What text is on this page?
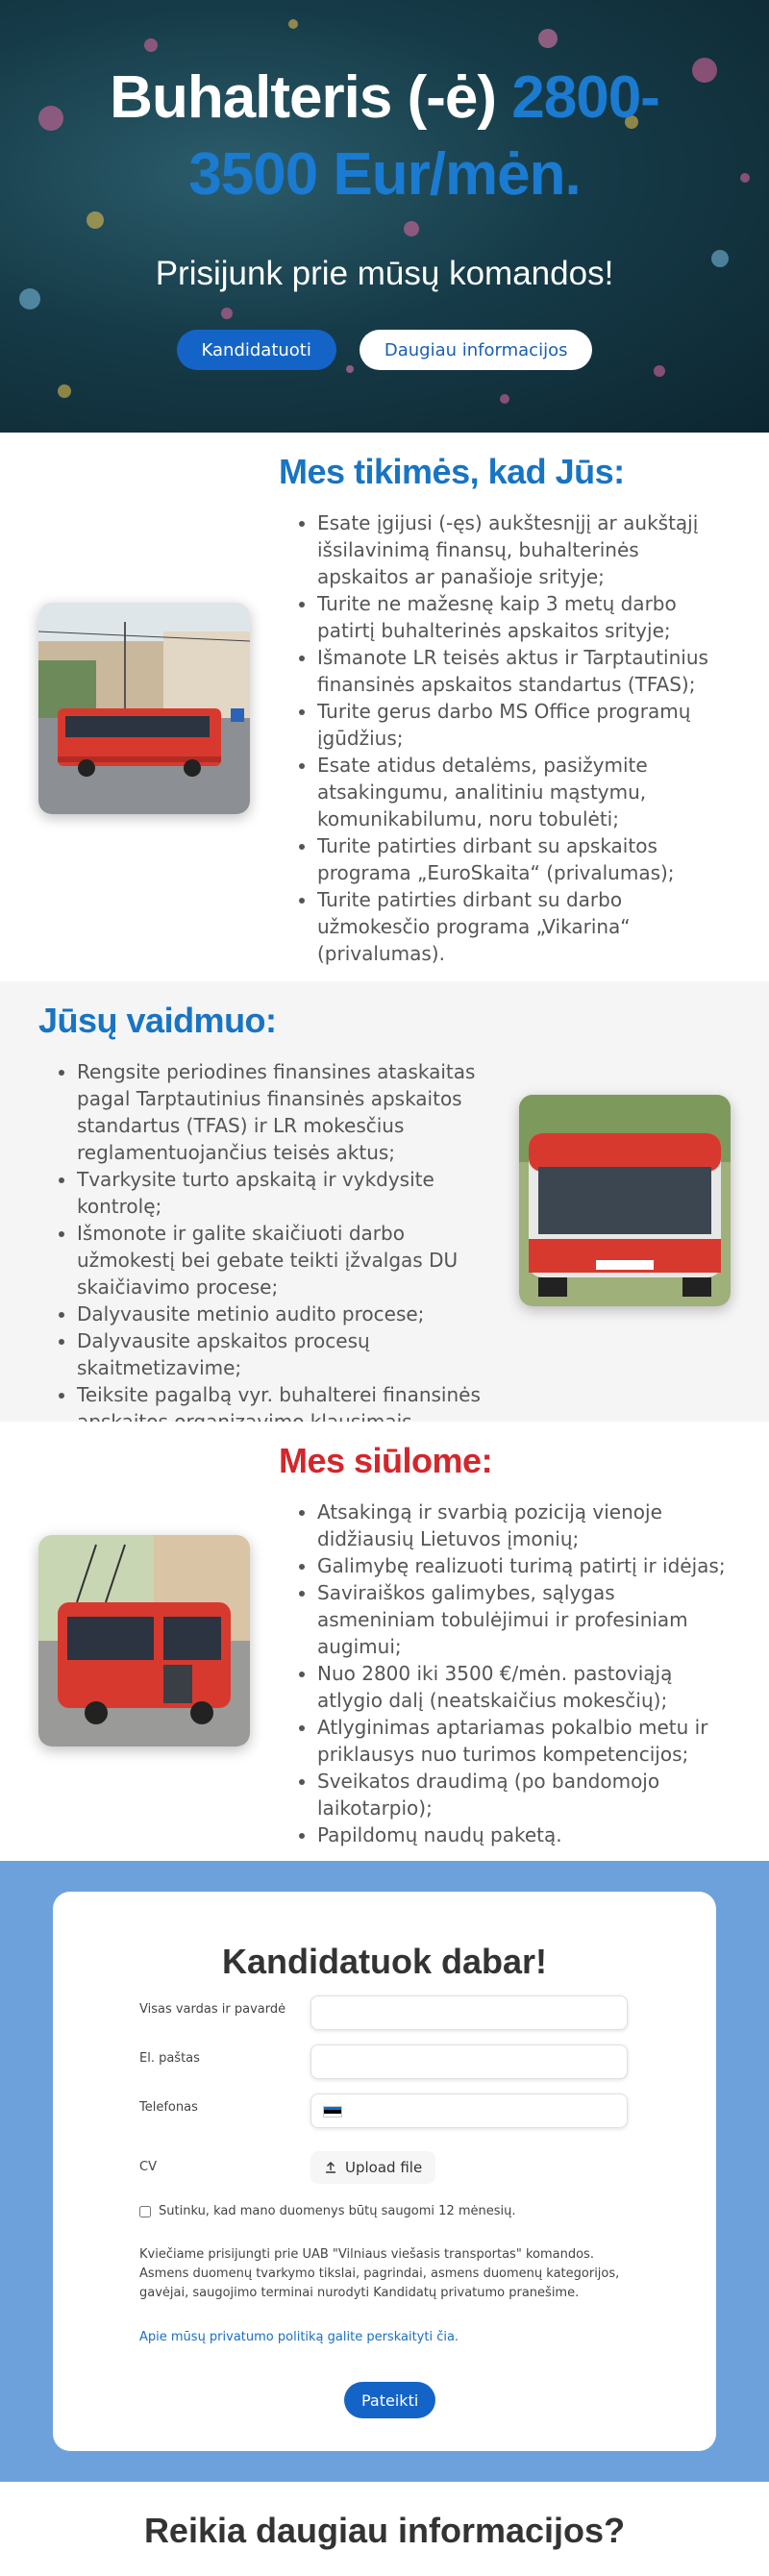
Buhalteris (-ė) 2800-
3500 Eur/mėn.
Prisijunk prie mūsų komandos!
Kandidatuoti	Daugiau informacijos
Mes tikimės, kad Jūs:
• Esate įgijusi (-ęs) aukštesnįjį ar aukštąjį išsilavinimą finansų, buhalterinės apskaitos ar panašioje srityje;
• Turite ne mažesnę kaip 3 metų darbo patirtį buhalterinės apskaitos srityje;
• Išmanote LR teisės aktus ir Tarptautinius finansinės apskaitos standartus (TFAS);
• Turite gerus darbo MS Office programų įgūdžius;
• Esate atidus detalėms, pasižymite atsakingumu, analitiniu mąstymu, komunikabilumu, noru tobulėti;
• Turite patirties dirbant su apskaitos programa „EuroSkaita“ (privalumas);
• Turite patirties dirbant su darbo užmokesčio programa „Vikarina“ (privalumas).
Jūsų vaidmuo:
• Rengsite periodines finansines ataskaitas pagal Tarptautinius finansinės apskaitos standartus (TFAS) ir LR mokesčius reglamentuojančius teisės aktus;
• Tvarkysite turto apskaitą ir vykdysite kontrolę;
• Išmonote ir galite skaičiuoti darbo užmokestį bei gebate teikti įžvalgas DU skaičiavimo procese;
• Dalyvausite metinio audito procese;
• Dalyvausite apskaitos procesų skaitmetizavime;
• Teiksite pagalbą vyr. buhalterei finansinės
Mes siūlome:
• Atsakingą ir svarbią poziciją vienoje didžiausių Lietuvos įmonių;
• Galimybę realizuoti turimą patirtį ir idėjas;
• Saviraiškos galimybes, sąlygas asmeniniam tobulėjimui ir profesiniam augimui;
• Nuo 2800 iki 3500 €/mėn. pastoviąją atlygio dalį (neatskaičius mokesčių);
• Atlyginimas aptariamas pokalbio metu ir priklausys nuo turimos kompetencijos;
• Sveikatos draudimą (po bandomojo laikotarpio);
• Papildomų naudų paketą.
Kandidatuok dabar!
Visas vardas ir pavardė
El. paštas
Telefonas
CV	Upload file
Sutinku, kad mano duomenys būtų saugomi 12 mėnesių.

Kviečiame prisijungti prie UAB "Vilniaus viešasis transportas" komandos. Asmens duomenų tvarkymo tikslai, pagrindai, asmens duomenų kategorijos, gavėjai, saugojimo terminai nurodyti Kandidatų privatumo pranešime.

Apie mūsų privatumo politiką galite perskaityti čia.
Pateikti
Reikia daugiau informacijos?
